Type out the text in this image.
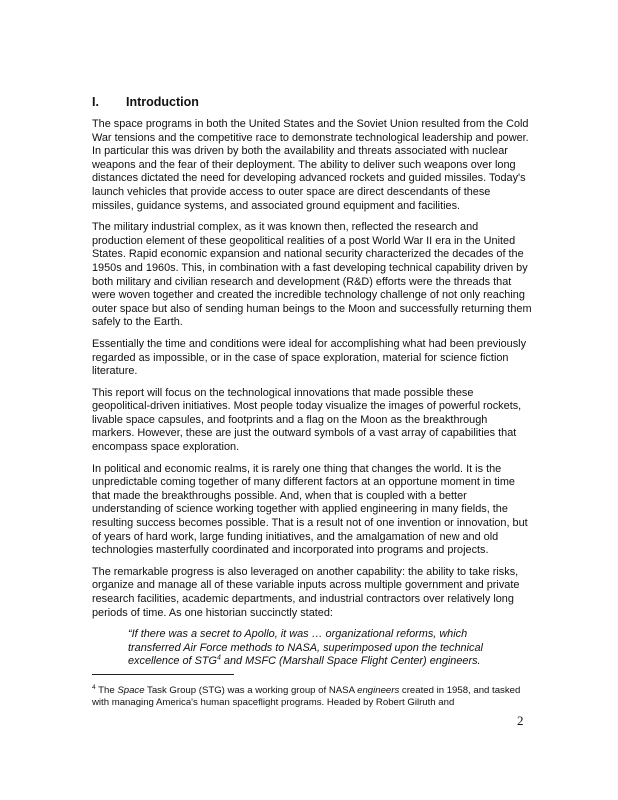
I. Introduction

The space programs in both the United States and the Soviet Union resulted from the Cold War tensions and the competitive race to demonstrate technological leadership and power. In particular this was driven by both the availability and threats associated with nuclear weapons and the fear of their deployment. The ability to deliver such weapons over long distances dictated the need for developing advanced rockets and guided missiles. Today's launch vehicles that provide access to outer space are direct descendants of these missiles, guidance systems, and associated ground equipment and facilities.

The military industrial complex, as it was known then, reflected the research and production element of these geopolitical realities of a post World War II era in the United States. Rapid economic expansion and national security characterized the decades of the 1950s and 1960s. This, in combination with a fast developing technical capability driven by both military and civilian research and development (R&D) efforts were the threads that were woven together and created the incredible technology challenge of not only reaching outer space but also of sending human beings to the Moon and successfully returning them safely to the Earth.

Essentially the time and conditions were ideal for accomplishing what had been previously regarded as impossible, or in the case of space exploration, material for science fiction literature.

This report will focus on the technological innovations that made possible these geopolitical-driven initiatives. Most people today visualize the images of powerful rockets, livable space capsules, and footprints and a flag on the Moon as the breakthrough markers. However, these are just the outward symbols of a vast array of capabilities that encompass space exploration.

In political and economic realms, it is rarely one thing that changes the world. It is the unpredictable coming together of many different factors at an opportune moment in time that made the breakthroughs possible. And, when that is coupled with a better understanding of science working together with applied engineering in many fields, the resulting success becomes possible. That is a result not of one invention or innovation, but of years of hard work, large funding initiatives, and the amalgamation of new and old technologies masterfully coordinated and incorporated into programs and projects.

The remarkable progress is also leveraged on another capability: the ability to take risks, organize and manage all of these variable inputs across multiple government and private research facilities, academic departments, and industrial contractors over relatively long periods of time. As one historian succinctly stated:

“If there was a secret to Apollo, it was … organizational reforms, which transferred Air Force methods to NASA, superimposed upon the technical excellence of STG$^4$ and MSFC (Marshall Space Flight Center) engineers.
$^4$ The Space Task Group (STG) was a working group of NASA engineers created in 1958, and tasked with managing America's human spaceflight programs. Headed by Robert Gilruth and
2
